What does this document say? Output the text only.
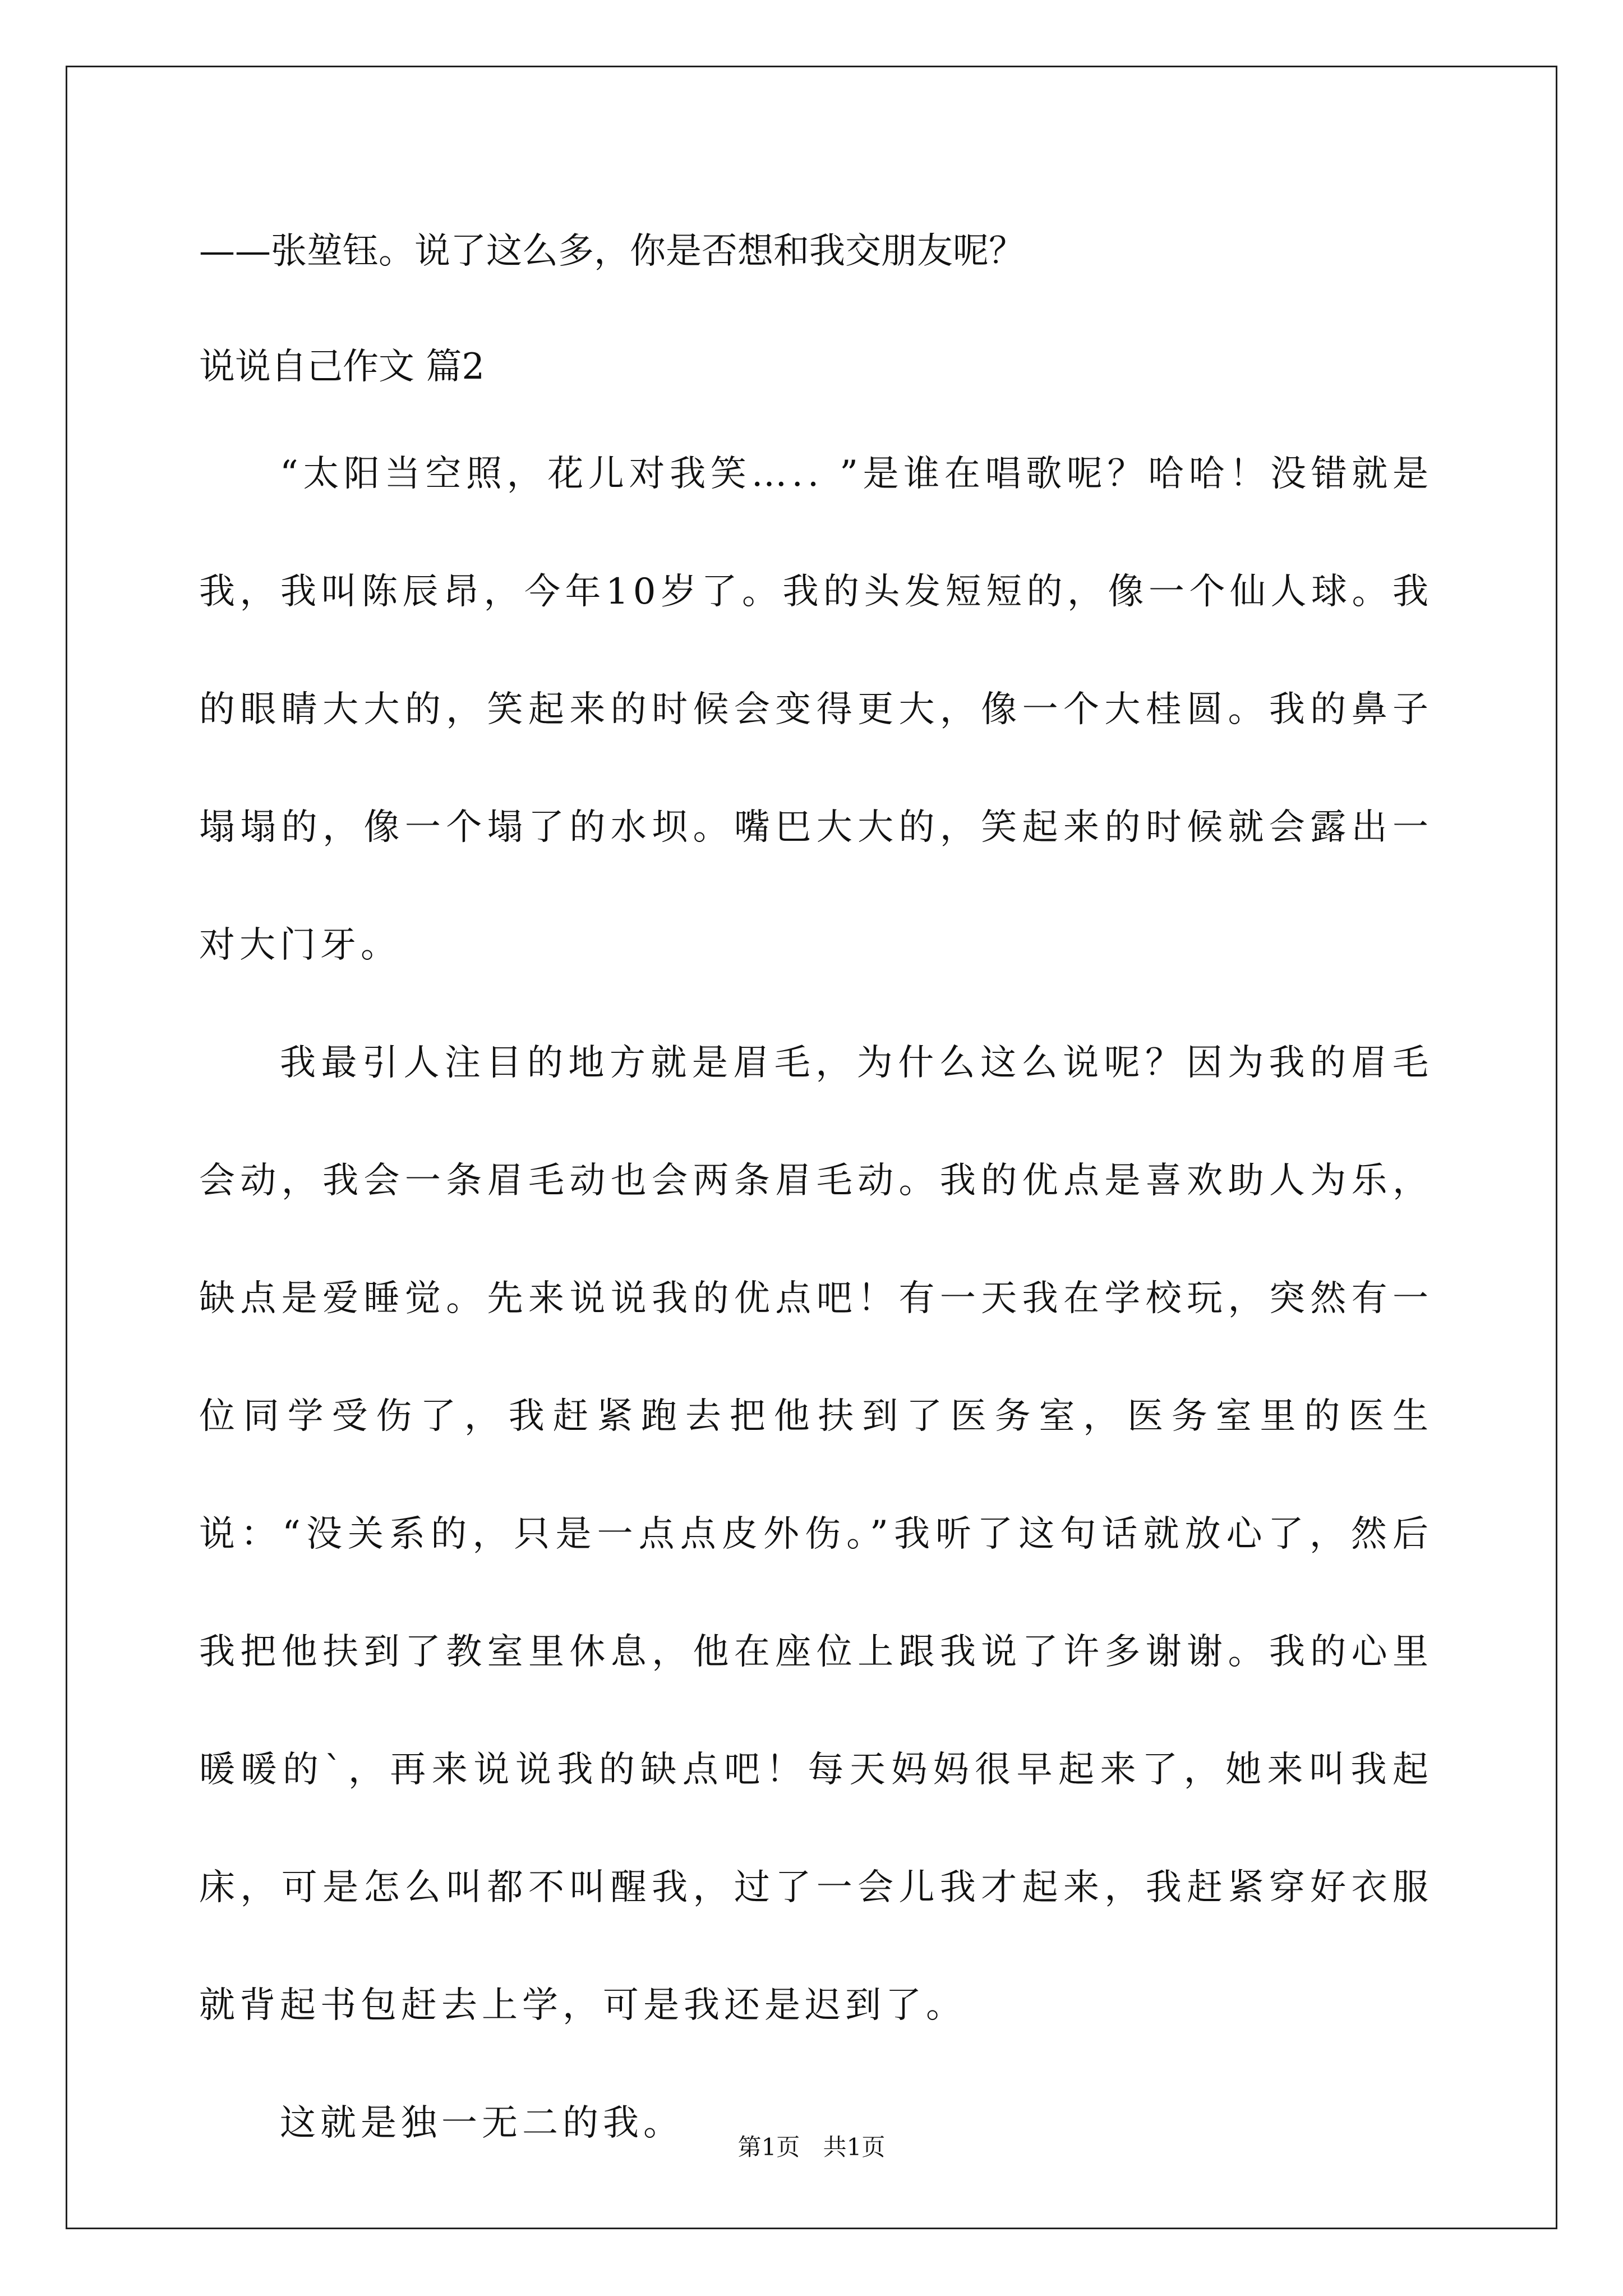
——张堃钰。说了这么多，你是否想和我交朋友呢？

说说自己作文 篇2

“太阳当空照，花儿对我笑….. ”是谁在唱歌呢？哈哈！没错就是我，我叫陈辰昂，今年10岁了。我的头发短短的，像一个仙人球。我的眼睛大大的，笑起来的时候会变得更大，像一个大桂圆。我的鼻子塌塌的，像一个塌了的水坝。嘴巴大大的，笑起来的时候就会露出一对大门牙。

我最引人注目的地方就是眉毛，为什么这么说呢？因为我的眉毛会动，我会一条眉毛动也会两条眉毛动。我的优点是喜欢助人为乐，缺点是爱睡觉。先来说说我的优点吧！有一天我在学校玩，突然有一位同学受伤了，我赶紧跑去把他扶到了医务室，医务室里的医生说：“没关系的，只是一点点皮外伤。”我听了这句话就放心了，然后我把他扶到了教室里休息，他在座位上跟我说了许多谢谢。我的心里暖暖的`，再来说说我的缺点吧！每天妈妈很早起来了，她来叫我起床，可是怎么叫都不叫醒我，过了一会儿我才起来，我赶紧穿好衣服就背起书包赶去上学，可是我还是迟到了。

这就是独一无二的我。

第1页 共1页
